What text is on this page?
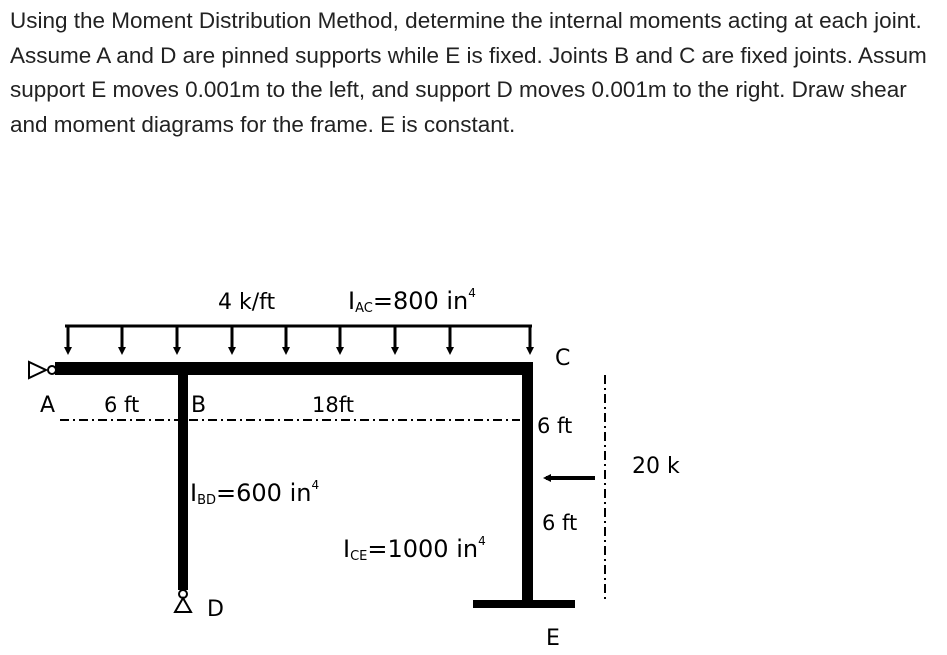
Using the Moment Distribution Method, determine the internal moments acting at each joint. Assume A and D are pinned supports while E is fixed. Joints B and C are fixed joints. Assum support E moves 0.001m to the left, and support D moves 0.001m to the right. Draw shear and moment diagrams for the frame. E is constant.

4 k/ft	IAC=800 $in^4$
A	B
C
D
E
6 ft	18ft
6 ft
6 ft
20 k
IBD=600 $in^4$
ICE=1000 $in^4$
